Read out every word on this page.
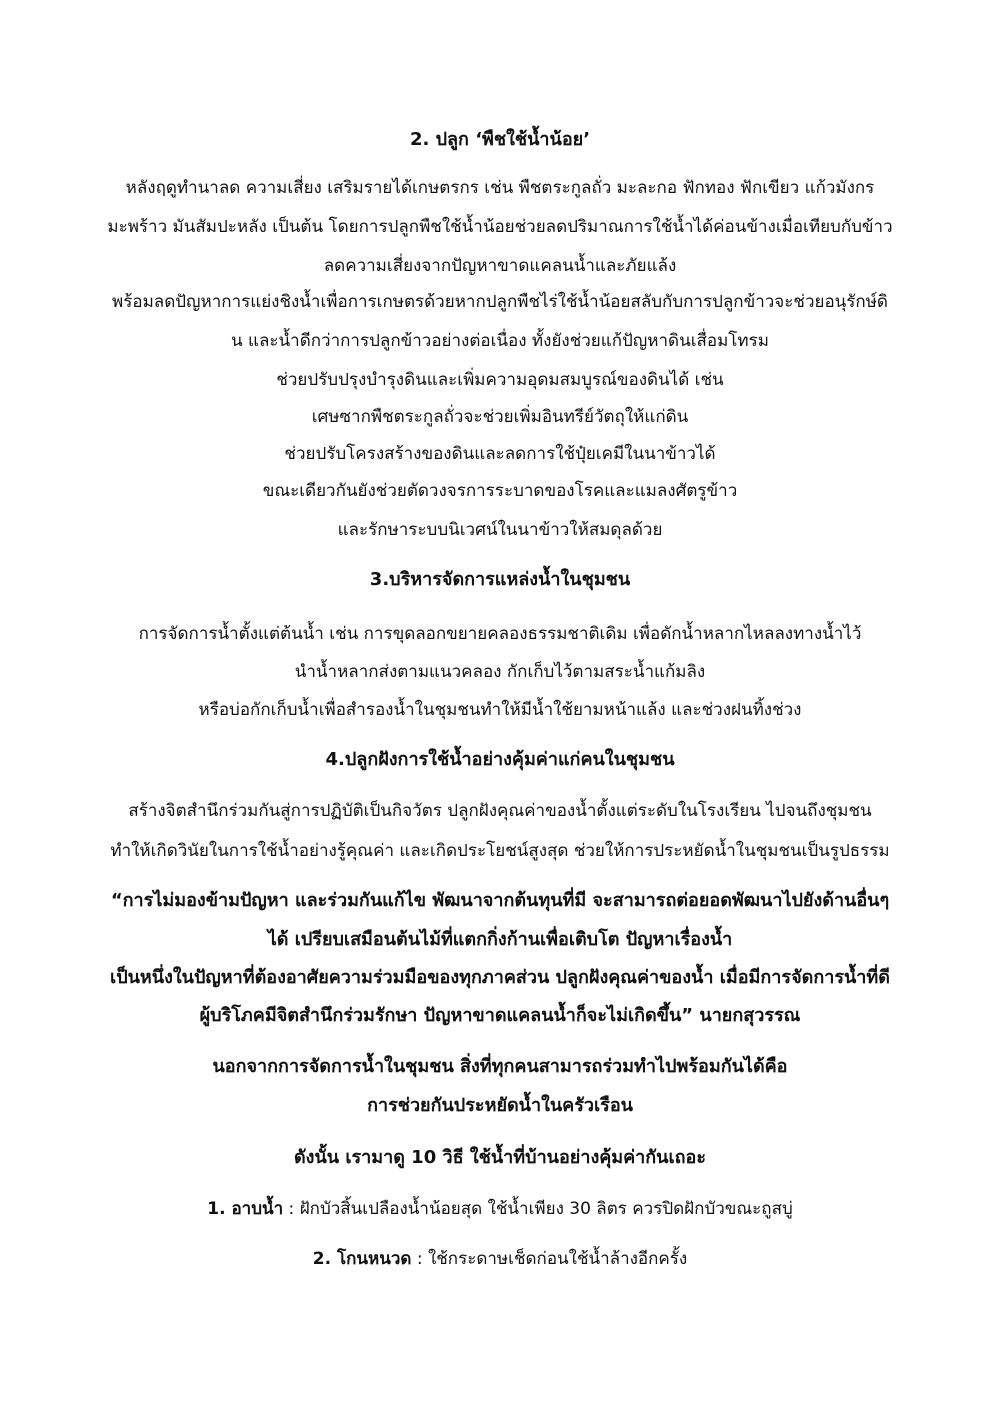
2. ปลูก ‘พืชใช้น้ำน้อย’

หลังฤดูทำนาลด ความเสี่ยง เสริมรายได้เกษตรกร เช่น พืชตระกูลถั่ว มะละกอ ฟักทอง ฟักเขียว แก้วมังกร

มะพร้าว มันสัมปะหลัง เป็นต้น โดยการปลูกพืชใช้น้ำน้อยช่วยลดปริมาณการใช้น้ำได้ค่อนข้างเมื่อเทียบกับข้าว

ลดความเสี่ยงจากปัญหาขาดแคลนน้ำและภัยแล้ง

พร้อมลดปัญหาการแย่งชิงน้ำเพื่อการเกษตรด้วยหากปลูกพืชไร่ใช้น้ำน้อยสลับกับการปลูกข้าวจะช่วยอนุรักษ์ดิ

น และน้ำดีกว่าการปลูกข้าวอย่างต่อเนื่อง ทั้งยังช่วยแก้ปัญหาดินเสื่อมโทรม

ช่วยปรับปรุงบำรุงดินและเพิ่มความอุดมสมบูรณ์ของดินได้ เช่น

เศษซากพืชตระกูลถั่วจะช่วยเพิ่มอินทรีย์วัตถุให้แก่ดิน

ช่วยปรับโครงสร้างของดินและลดการใช้ปุ๋ยเคมีในนาข้าวได้

ขณะเดียวกันยังช่วยตัดวงจรการระบาดของโรคและแมลงศัตรูข้าว

และรักษาระบบนิเวศน์ในนาข้าวให้สมดุลด้วย

3.บริหารจัดการแหล่งน้ำในชุมชน

การจัดการน้ำตั้งแต่ต้นน้ำ เช่น การขุดลอกขยายคลองธรรมชาติเดิม เพื่อดักน้ำหลากไหลลงทางน้ำไว้

นำน้ำหลากส่งตามแนวคลอง กักเก็บไว้ตามสระน้ำแก้มลิง

หรือบ่อกักเก็บน้ำเพื่อสำรองน้ำในชุมชนทำให้มีน้ำใช้ยามหน้าแล้ง และช่วงฝนทิ้งช่วง

4.ปลูกฝังการใช้น้ำอย่างคุ้มค่าแก่คนในชุมชน

สร้างจิตสำนึกร่วมกันสู่การปฏิบัติเป็นกิจวัตร ปลูกฝังคุณค่าของน้ำตั้งแต่ระดับในโรงเรียน ไปจนถึงชุมชน

ทำให้เกิดวินัยในการใช้น้ำอย่างรู้คุณค่า และเกิดประโยชน์สูงสุด ช่วยให้การประหยัดน้ำในชุมชนเป็นรูปธรรม

“การไม่มองข้ามปัญหา และร่วมกันแก้ไข พัฒนาจากต้นทุนที่มี จะสามารถต่อยอดพัฒนาไปยังด้านอื่นๆ

ได้ เปรียบเสมือนต้นไม้ที่แตกกิ่งก้านเพื่อเติบโต ปัญหาเรื่องน้ำ

เป็นหนึ่งในปัญหาที่ต้องอาศัยความร่วมมือของทุกภาคส่วน ปลูกฝังคุณค่าของน้ำ เมื่อมีการจัดการน้ำที่ดี

ผู้บริโภคมีจิตสำนึกร่วมรักษา ปัญหาขาดแคลนน้ำก็จะไม่เกิดขึ้น” นายกสุวรรณ

นอกจากการจัดการน้ำในชุมชน สิ่งที่ทุกคนสามารถร่วมทำไปพร้อมกันได้คือ

การช่วยกันประหยัดน้ำในครัวเรือน

ดังนั้น เรามาดู 10 วิธี ใช้น้ำที่บ้านอย่างคุ้มค่ากันเถอะ

1. อาบน้ำ : ฝักบัวสิ้นเปลืองน้ำน้อยสุด ใช้น้ำเพียง 30 ลิตร ควรปิดฝักบัวขณะถูสบู่

2. โกนหนวด : ใช้กระดาษเช็ดก่อนใช้น้ำล้างอีกครั้ง
